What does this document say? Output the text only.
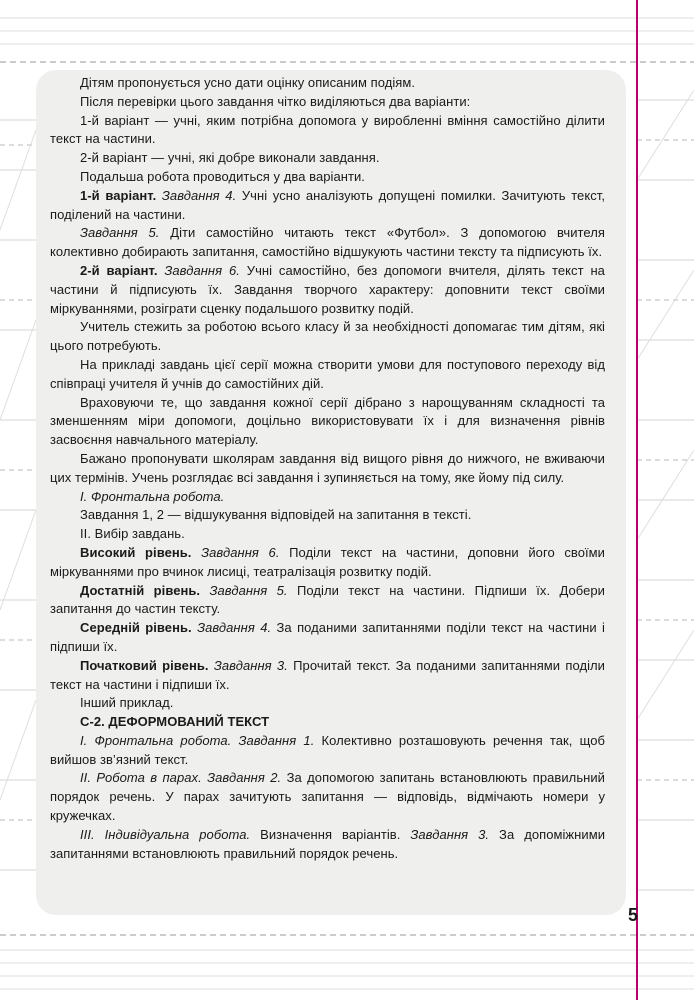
Дітям пропонується усно дати оцінку описаним подіям.

Після перевірки цього завдання чітко виділяються два варіанти:

1-й варіант — учні, яким потрібна допомога у виробленні вміння самостійно ділити текст на частини.

2-й варіант — учні, які добре виконали завдання.

Подальша робота проводиться у два варіанти.

1-й варіант. Завдання 4. Учні усно аналізують допущені помилки. Зачитують текст, поділений на частини.

Завдання 5. Діти самостійно читають текст «Футбол». З допомогою вчителя колективно добирають запитання, самостійно відшукують частини тексту та підписують їх.

2-й варіант. Завдання 6. Учні самостійно, без допомоги вчителя, ділять текст на частини й підписують їх. Завдання творчого характеру: доповнити текст своїми міркуваннями, розіграти сценку подальшого розвитку подій.

Учитель стежить за роботою всього класу й за необхідності допомагає тим дітям, які цього потребують.

На прикладі завдань цієї серії можна створити умови для поступового переходу від співпраці учителя й учнів до самостійних дій.

Враховуючи те, що завдання кожної серії дібрано з нарощуванням складності та зменшенням міри допомоги, доцільно використовувати їх і для визначення рівнів засвоєння навчального матеріалу.

Бажано пропонувати школярам завдання від вищого рівня до нижчого, не вживаючи цих термінів. Учень розглядає всі завдання і зупиняється на тому, яке йому під силу.

I. Фронтальна робота.

Завдання 1, 2 — відшукування відповідей на запитання в тексті.

II. Вибір завдань.

Високий рівень. Завдання 6. Поділи текст на частини, доповни його своїми міркуваннями про вчинок лисиці, театралізація розвитку подій.

Достатній рівень. Завдання 5. Поділи текст на частини. Підпиши їх. Добери запитання до частин тексту.

Середній рівень. Завдання 4. За поданими запитаннями поділи текст на частини і підпиши їх.

Початковий рівень. Завдання 3. Прочитай текст. За поданими запитаннями поділи текст на частини і підпиши їх.

Інший приклад.

С-2. ДЕФОРМОВАНИЙ ТЕКСТ

I. Фронтальна робота. Завдання 1. Колективно розташовують речення так, щоб вийшов зв’язний текст.

II. Робота в парах. Завдання 2. За допомогою запитань встановлюють правильний порядок речень. У парах зачитують запитання — відповідь, відмічають номери у кружечках.

III. Індивідуальна робота. Визначення варіантів. Завдання 3. За допоміжними запитаннями встановлюють правильний порядок речень.

5
